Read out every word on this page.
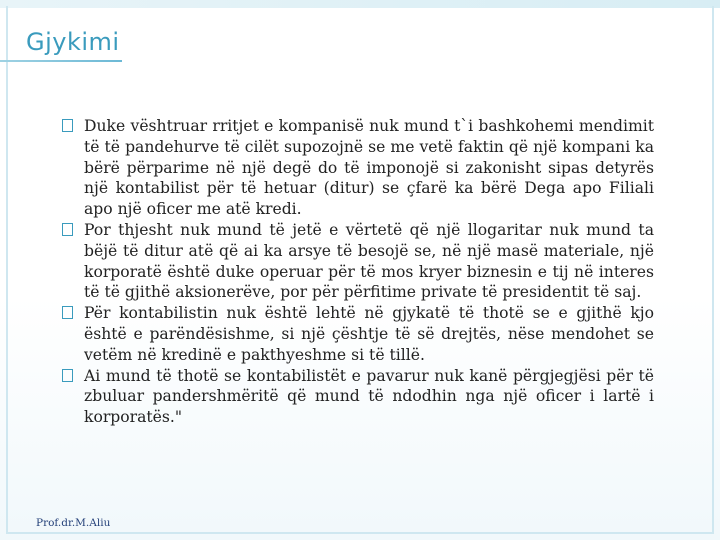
Gjykimi
Duke vështruar rritjet e kompanisë nuk mund t`i bashkohemi mendimit të të pandehurve të cilët supozojnë se me vetë faktin që një kompani ka bërë përparime në një degë do të imponojë si zakonisht sipas detyrës një kontabilist për të hetuar (ditur) se çfarë ka bërë Dega apo Filiali apo një oficer me atë kredi.
Por thjesht nuk mund të jetë e vërtetë që një llogaritar nuk mund ta bëjë të ditur atë që ai ka arsye të besojë se, në një masë materiale, një korporatë është duke operuar për të mos kryer biznesin e tij në interes të të gjithë aksionerëve, por për përfitime private të presidentit të saj.
Për kontabilistin nuk është lehtë në gjykatë të thotë se e gjithë kjo është e parëndësishme, si një çështje të së drejtës, nëse mendohet se vetëm në kredinë e pakthyeshme si të tillë.
Ai mund të thotë se kontabilistët e pavarur nuk kanë përgjegjësi për të zbuluar pandershmëritë që mund të ndodhin nga një oficer i lartë i korporatës."
Prof.dr.M.Aliu
